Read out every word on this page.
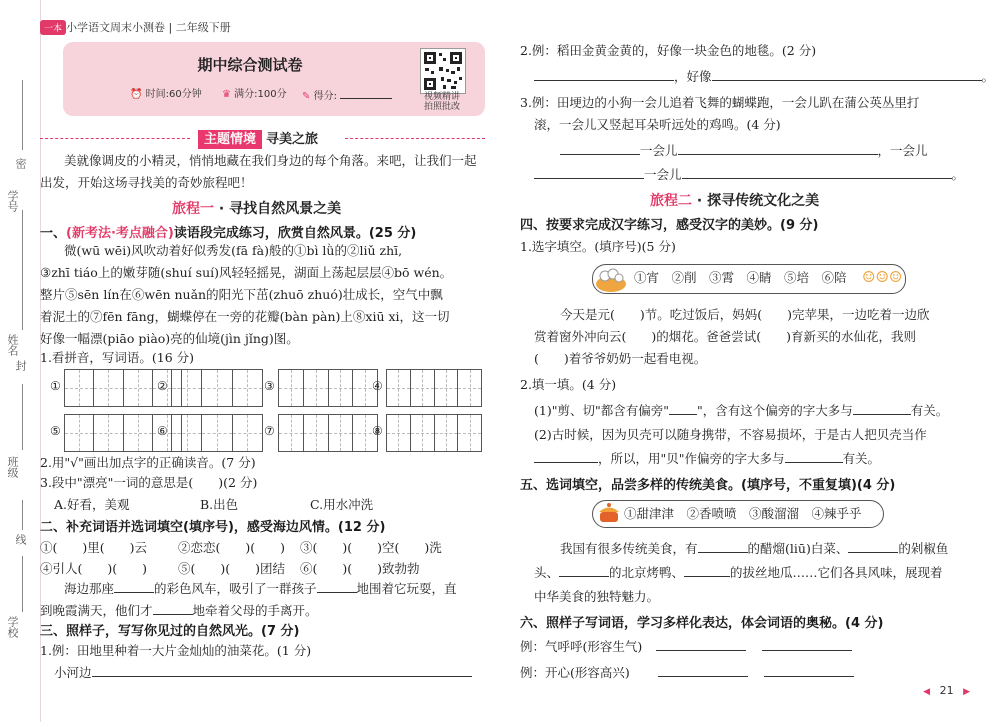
学号
密
姓名
封
班级
线
学校
一本 小学语文周末小测卷 | 二年级下册
期中综合测试卷
⏰ 时间:60分钟 ♛ 满分:100分 ✎ 得分:	视频精讲
拍照批改
主题情境 寻美之旅
美就像调皮的小精灵，悄悄地藏在我们身边的每个角落。来吧，让我们一起
出发，开始这场寻找美的奇妙旅程吧！
旅程一 · 寻找自然风景之美
一、(新考法·考点融合)读语段完成练习，欣赏自然风景。(25 分)
微(wū wēi)风吹动着好似秀发(fā fà)般的①bì lǜ的②liǔ zhī,
③zhī tiáo上的嫩芽随(shuí suí)风轻轻摇晃，湖面上荡起层层④bō wén。
整片⑤sēn lín在⑥wēn nuǎn的阳光下茁(zhuō zhuó)壮成长，空气中飘
着泥土的⑦fēn fāng，蝴蝶停在一旁的花瓣(bàn pàn)上⑧xiū xi，这一切
好像一幅漂(piāo piào)亮的仙境(jìn jǐng)图。
1.看拼音，写词语。(16 分)
①	②	③	④
⑤	⑥	⑦	⑧
2.用"√"画出加点字的正确读音。(7 分)
3.段中"漂亮"一词的意思是(　　)(2 分)
A.好看，美观	B.出色	C.用水冲洗
二、补充词语并选词填空(填序号)，感受海边风情。(12 分)
①(　　)里(　　)云 ②恋恋(　　)(　　) ③(　　)(　　)空(　　)洗
④引人(　　)(　　) ⑤(　　)(　　)团结 ⑥(　　)(　　)致勃勃
海边那座	的彩色风车，吸引了一群孩子	地围着它玩耍，直
到晚霞满天，他们才	地牵着父母的手离开。
三、照样子，写写你见过的自然风光。(7 分)
1.例：田地里种着一大片金灿灿的油菜花。(1 分)
小河边
2.例：稻田金黄金黄的，好像一块金色的地毯。(2 分)
，好像	。
3.例：田埂边的小狗一会儿追着飞舞的蝴蝶跑，一会儿趴在蒲公英丛里打
滚，一会儿又竖起耳朵听远处的鸡鸣。(4 分)
一会儿	，一会儿
一会儿	。
旅程二 · 探寻传统文化之美
四、按要求完成汉字练习，感受汉字的美妙。(9 分)
1.选字填空。(填序号)(5 分)
①宵　②削　③霄　④睛　⑤培　⑥陪 ☺☺☺
今天是元(　　)节。吃过饭后，妈妈(　　)完苹果，一边吃着一边欣
赏着窗外冲向云(　　)的烟花。爸爸尝试(　　)育新买的水仙花，我则
(　　)着爷爷奶奶一起看电视。
2.填一填。(4 分)
(1)"剪、切"都含有偏旁" "，含有这个偏旁的字大多与	有关。
(2)古时候，因为贝壳可以随身携带，不容易损坏，于是古人把贝壳当作
，所以，用"贝"作偏旁的字大多与	有关。
五、选词填空，品尝多样的传统美食。(填序号，不重复填)(4 分)
①甜津津　②香喷喷　③酸溜溜　④辣乎乎
我国有很多传统美食，有	的醋熘(liū)白菜、	的剁椒鱼
头、	的北京烤鸭、	的拔丝地瓜……它们各具风味，展现着
中华美食的独特魅力。
六、照样子写词语，学习多样化表达，体会词语的奥秘。(4 分)
例：气呼呼(形容生气)
例：开心(形容高兴)
◀ 21 ▶
